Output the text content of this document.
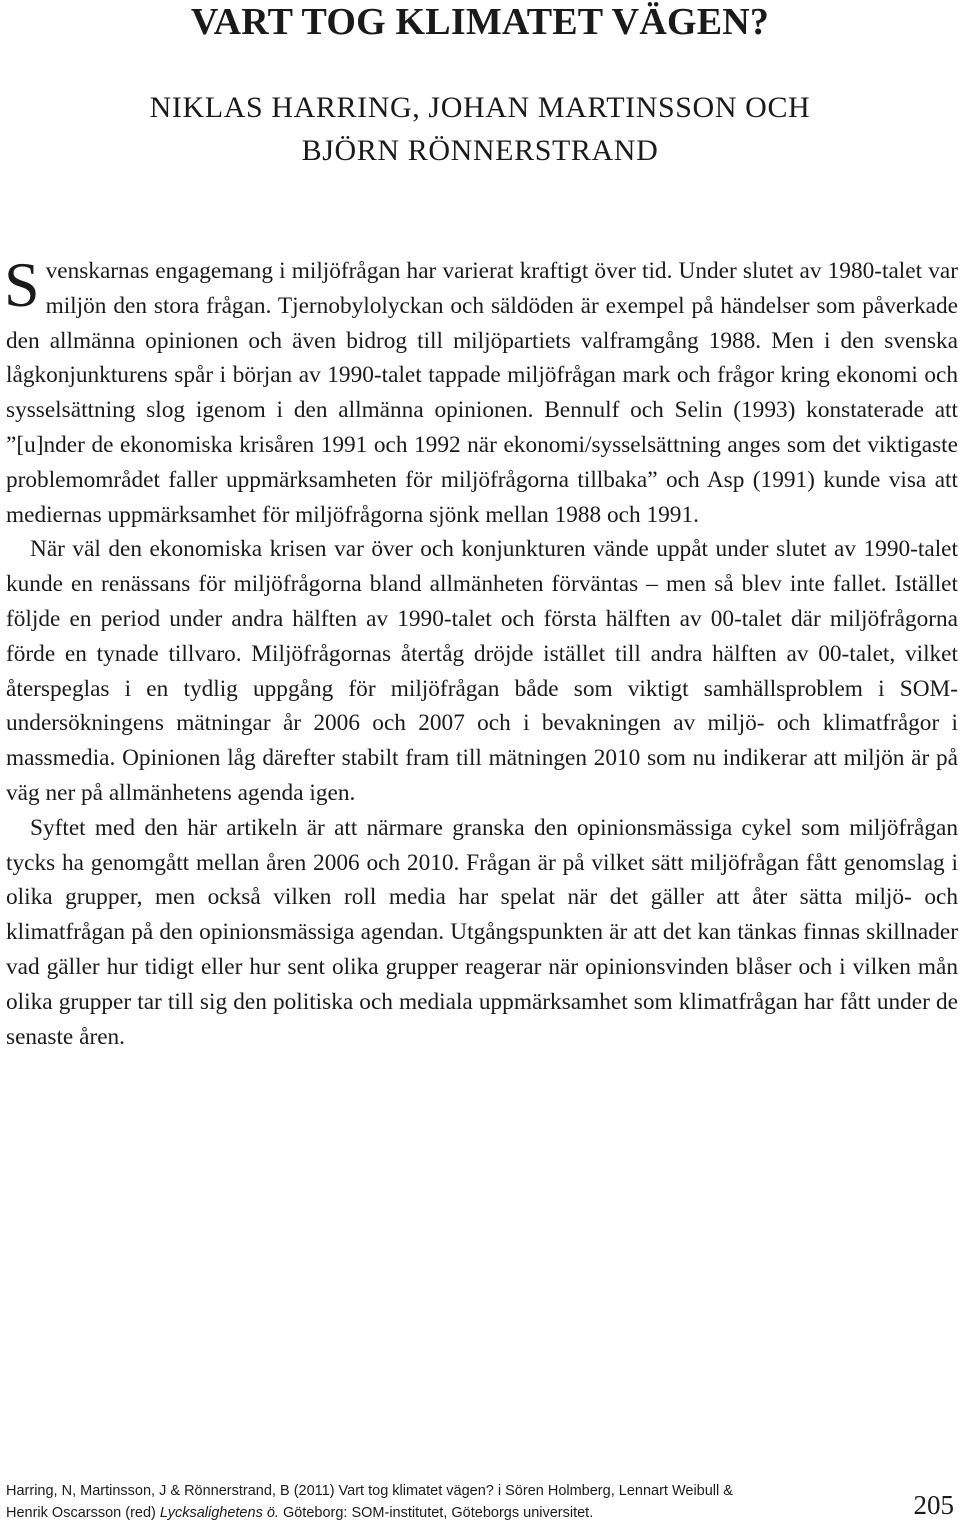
VART TOG KLIMATET VÄGEN?
NIKLAS HARRING, JOHAN MARTINSSON OCH
BJÖRN RÖNNERSTRAND

Svenskarnas engagemang i miljöfrågan har varierat kraftigt över tid. Under slutet av 1980-talet var miljön den stora frågan. Tjernobylolyckan och säldöden är exempel på händelser som påverkade den allmänna opinionen och även bidrog till miljöpartiets valframgång 1988. Men i den svenska lågkonjunkturens spår i början av 1990-talet tappade miljöfrågan mark och frågor kring ekonomi och sysselsättning slog igenom i den allmänna opinionen. Bennulf och Selin (1993) konstaterade att ”[u]nder de ekonomiska krisåren 1991 och 1992 när ekonomi/sysselsättning anges som det viktigaste problemområdet faller uppmärksamheten för miljöfrågorna tillbaka” och Asp (1991) kunde visa att mediernas uppmärksamhet för miljöfrågorna sjönk mellan 1988 och 1991.

När väl den ekonomiska krisen var över och konjunkturen vände uppåt under slutet av 1990-talet kunde en renässans för miljöfrågorna bland allmänheten förväntas – men så blev inte fallet. Istället följde en period under andra hälften av 1990-talet och första hälften av 00-talet där miljöfrågorna förde en tynade tillvaro. Miljöfrågornas återtåg dröjde istället till andra hälften av 00-talet, vilket återspeglas i en tydlig uppgång för miljöfrågan både som viktigt samhällsproblem i SOM-undersökningens mätningar år 2006 och 2007 och i bevakningen av miljö- och klimatfrågor i massmedia. Opinionen låg därefter stabilt fram till mätningen 2010 som nu indikerar att miljön är på väg ner på allmänhetens agenda igen.

Syftet med den här artikeln är att närmare granska den opinionsmässiga cykel som miljöfrågan tycks ha genomgått mellan åren 2006 och 2010. Frågan är på vilket sätt miljöfrågan fått genomslag i olika grupper, men också vilken roll media har spelat när det gäller att åter sätta miljö- och klimatfrågan på den opinionsmässiga agendan. Utgångspunkten är att det kan tänkas finnas skillnader vad gäller hur tidigt eller hur sent olika grupper reagerar när opinionsvinden blåser och i vilken mån olika grupper tar till sig den politiska och mediala uppmärksamhet som klimatfrågan har fått under de senaste åren.

Harring, N, Martinsson, J & Rönnerstrand, B (2011) Vart tog klimatet vägen? i Sören Holmberg, Lennart Weibull &
Henrik Oscarsson (red) Lycksalighetens ö. Göteborg: SOM-institutet, Göteborgs universitet.	205
